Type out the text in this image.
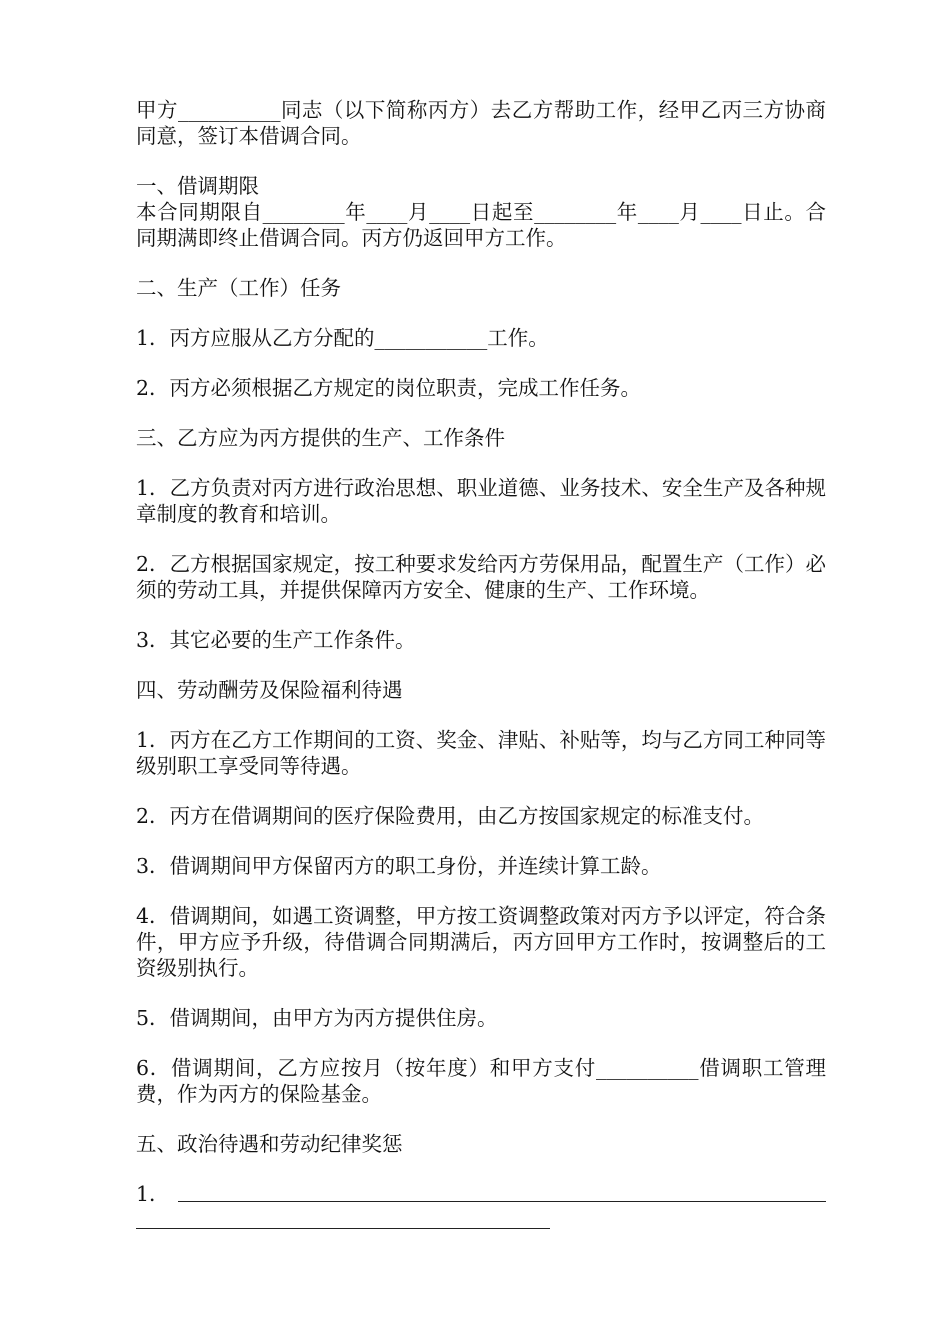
甲方__________同志（以下简称丙方）去乙方帮助工作，经甲乙丙三方协商同意，签订本借调合同。

一、借调期限

本合同期限自________年____月____日起至________年____月____日止。合同期满即终止借调合同。丙方仍返回甲方工作。

二、生产（工作）任务

1．丙方应服从乙方分配的___________工作。

2．丙方必须根据乙方规定的岗位职责，完成工作任务。

三、乙方应为丙方提供的生产、工作条件

1．乙方负责对丙方进行政治思想、职业道德、业务技术、安全生产及各种规章制度的教育和培训。

2．乙方根据国家规定，按工种要求发给丙方劳保用品，配置生产（工作）必须的劳动工具，并提供保障丙方安全、健康的生产、工作环境。

3．其它必要的生产工作条件。

四、劳动酬劳及保险福利待遇

1．丙方在乙方工作期间的工资、奖金、津贴、补贴等，均与乙方同工种同等级别职工享受同等待遇。

2．丙方在借调期间的医疗保险费用，由乙方按国家规定的标准支付。

3．借调期间甲方保留丙方的职工身份，并连续计算工龄。

4．借调期间，如遇工资调整，甲方按工资调整政策对丙方予以评定，符合条件，甲方应予升级，待借调合同期满后，丙方回甲方工作时，按调整后的工资级别执行。

5．借调期间，由甲方为丙方提供住房。

6．借调期间，乙方应按月（按年度）和甲方支付__________借调职工管理费，作为丙方的保险基金。

五、政治待遇和劳动纪律奖惩

1．
